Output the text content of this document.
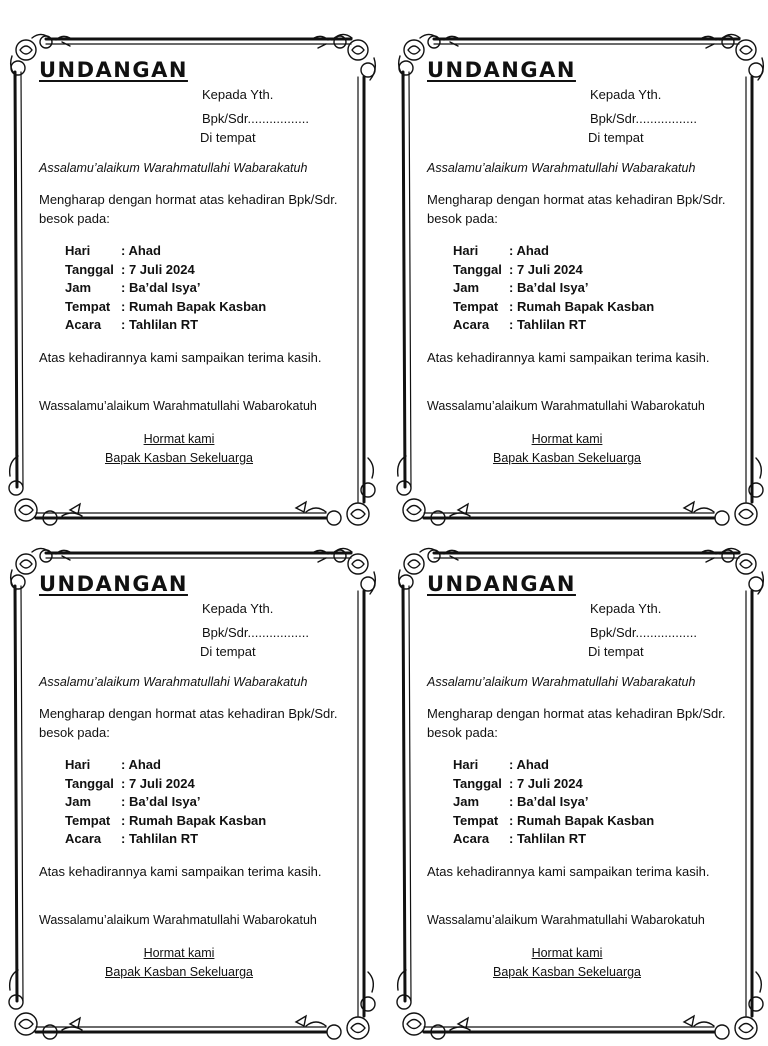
UNDANGAN
Kepada Yth.
Bpk/Sdr.................
Di tempat
Assalamu’alaikum Warahmatullahi Wabarakatuh
Mengharap dengan hormat atas kehadiran Bpk/Sdr. besok pada:
Hari : Ahad
Tanggal : 7 Juli 2024
Jam : Ba’dal Isya’
Tempat : Rumah Bapak Kasban
Acara : Tahlilan RT
Atas kehadirannya kami sampaikan terima kasih.
Wassalamu’alaikum Warahmatullahi Wabarokatuh
Hormat kami
Bapak Kasban Sekeluarga
UNDANGAN
Kepada Yth.
Bpk/Sdr.................
Di tempat
Assalamu’alaikum Warahmatullahi Wabarakatuh
Mengharap dengan hormat atas kehadiran Bpk/Sdr. besok pada:
Hari : Ahad
Tanggal : 7 Juli 2024
Jam : Ba’dal Isya’
Tempat : Rumah Bapak Kasban
Acara : Tahlilan RT
Atas kehadirannya kami sampaikan terima kasih.
Wassalamu’alaikum Warahmatullahi Wabarokatuh
Hormat kami
Bapak Kasban Sekeluarga
UNDANGAN
Kepada Yth.
Bpk/Sdr.................
Di tempat
Assalamu’alaikum Warahmatullahi Wabarakatuh
Mengharap dengan hormat atas kehadiran Bpk/Sdr. besok pada:
Hari : Ahad
Tanggal : 7 Juli 2024
Jam : Ba’dal Isya’
Tempat : Rumah Bapak Kasban
Acara : Tahlilan RT
Atas kehadirannya kami sampaikan terima kasih.
Wassalamu’alaikum Warahmatullahi Wabarokatuh
Hormat kami
Bapak Kasban Sekeluarga
UNDANGAN
Kepada Yth.
Bpk/Sdr.................
Di tempat
Assalamu’alaikum Warahmatullahi Wabarakatuh
Mengharap dengan hormat atas kehadiran Bpk/Sdr. besok pada:
Hari : Ahad
Tanggal : 7 Juli 2024
Jam : Ba’dal Isya’
Tempat : Rumah Bapak Kasban
Acara : Tahlilan RT
Atas kehadirannya kami sampaikan terima kasih.
Wassalamu’alaikum Warahmatullahi Wabarokatuh
Hormat kami
Bapak Kasban Sekeluarga
